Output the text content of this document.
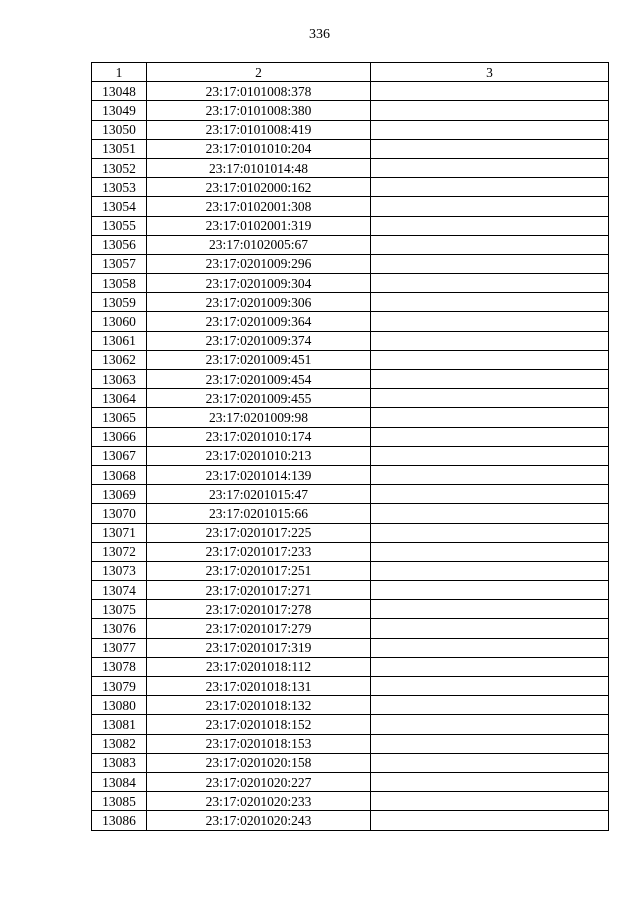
336
1	2	3
13048	23:17:0101008:378	
13049	23:17:0101008:380	
13050	23:17:0101008:419	
13051	23:17:0101010:204	
13052	23:17:0101014:48	
13053	23:17:0102000:162	
13054	23:17:0102001:308	
13055	23:17:0102001:319	
13056	23:17:0102005:67	
13057	23:17:0201009:296	
13058	23:17:0201009:304	
13059	23:17:0201009:306	
13060	23:17:0201009:364	
13061	23:17:0201009:374	
13062	23:17:0201009:451	
13063	23:17:0201009:454	
13064	23:17:0201009:455	
13065	23:17:0201009:98	
13066	23:17:0201010:174	
13067	23:17:0201010:213	
13068	23:17:0201014:139	
13069	23:17:0201015:47	
13070	23:17:0201015:66	
13071	23:17:0201017:225	
13072	23:17:0201017:233	
13073	23:17:0201017:251	
13074	23:17:0201017:271	
13075	23:17:0201017:278	
13076	23:17:0201017:279	
13077	23:17:0201017:319	
13078	23:17:0201018:112	
13079	23:17:0201018:131	
13080	23:17:0201018:132	
13081	23:17:0201018:152	
13082	23:17:0201018:153	
13083	23:17:0201020:158	
13084	23:17:0201020:227	
13085	23:17:0201020:233	
13086	23:17:0201020:243	
